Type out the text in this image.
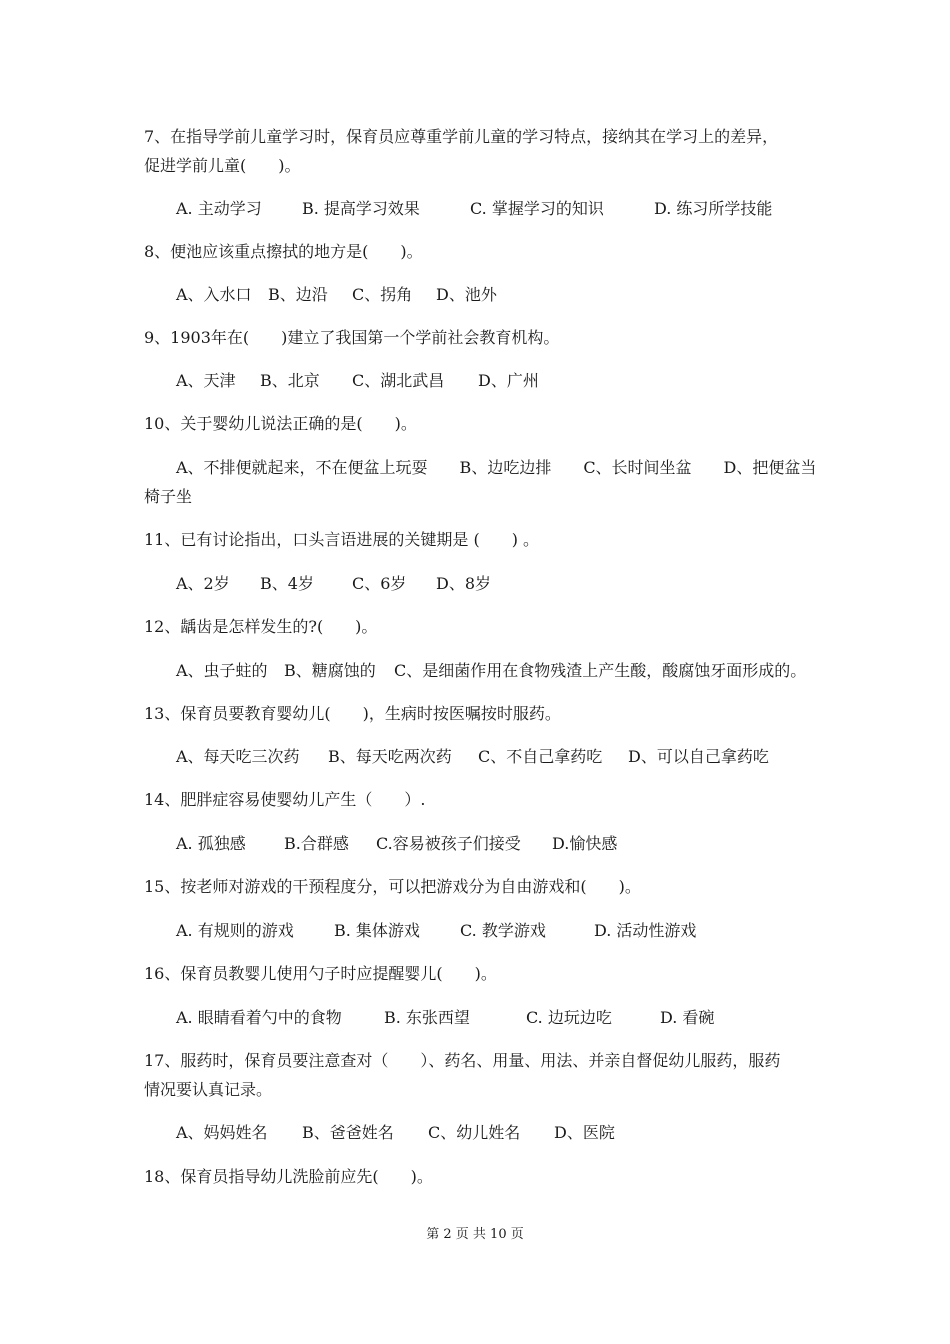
7、在指导学前儿童学习时，保育员应尊重学前儿童的学习特点，接纳其在学习上的差异，
促进学前儿童(　　)。
A. 主动学习	B. 提高学习效果	C. 掌握学习的知识	D. 练习所学技能
8、便池应该重点擦拭的地方是(　　)。
A、入水口 B、边沿 C、拐角 D、池外
9、1903年在(　　)建立了我国第一个学前社会教育机构。
A、天津 B、北京 C、湖北武昌 D、广州
10、关于婴幼儿说法正确的是(　　)。
A、不排便就起来，不在便盆上玩耍　　B、边吃边排　　C、长时间坐盆　　D、把便盆当
椅子坐
11、已有讨论指出，口头言语进展的关键期是 (　　) 。
A、2岁 B、4岁 C、6岁 D、8岁
12、龋齿是怎样发生的?(　　)。
A、虫子蛀的 B、糖腐蚀的 C、是细菌作用在食物残渣上产生酸，酸腐蚀牙面形成的。
13、保育员要教育婴幼儿(　　)，生病时按医嘱按时服药。
A、每天吃三次药 B、每天吃两次药 C、不自己拿药吃 D、可以自己拿药吃
14、肥胖症容易使婴幼儿产生（　　）.
A. 孤独感 B.合群感 C.容易被孩子们接受 D.愉快感
15、按老师对游戏的干预程度分，可以把游戏分为自由游戏和(　　)。
A. 有规则的游戏	B. 集体游戏	C. 教学游戏	D. 活动性游戏
16、保育员教婴儿使用勺子时应提醒婴儿(　　)。
A. 眼睛看着勺中的食物	B. 东张西望	C. 边玩边吃	D. 看碗
17、服药时，保育员要注意查对（　　）、药名、用量、用法、并亲自督促幼儿服药，服药
情况要认真记录。
A、妈妈姓名 B、爸爸姓名 C、幼儿姓名 D、医院
18、保育员指导幼儿洗脸前应先(　　)。
第 2 页 共 10 页
